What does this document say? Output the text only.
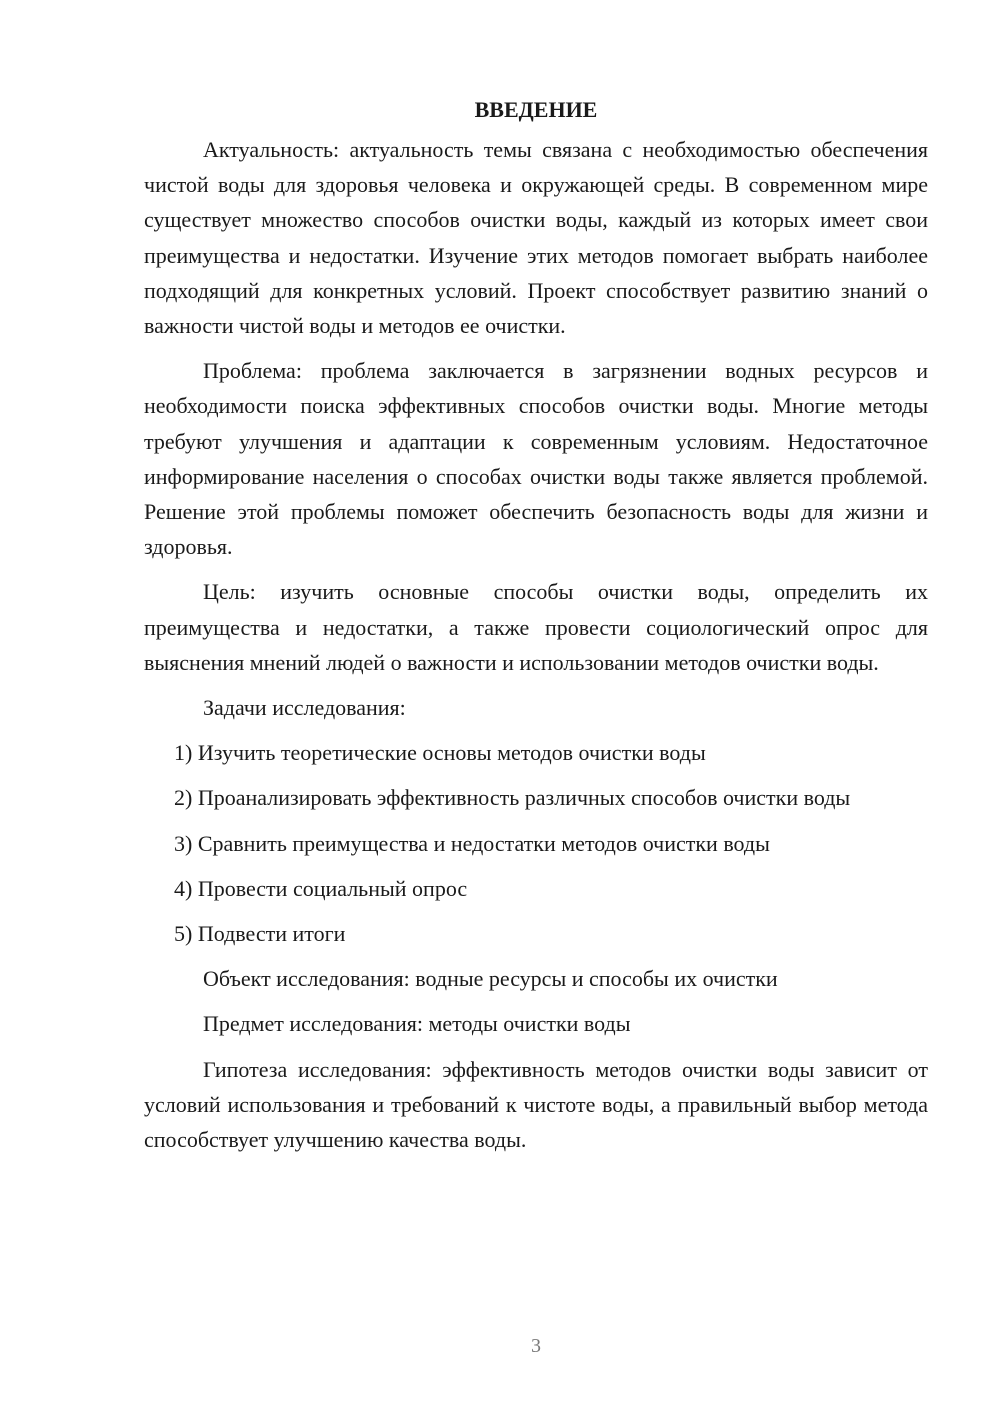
ВВЕДЕНИЕ

Актуальность: актуальность темы связана с необходимостью обеспечения чистой воды для здоровья человека и окружающей среды. В современном мире существует множество способов очистки воды, каждый из которых имеет свои преимущества и недостатки. Изучение этих методов помогает выбрать наиболее подходящий для конкретных условий. Проект способствует развитию знаний о важности чистой воды и методов ее очистки.

Проблема: проблема заключается в загрязнении водных ресурсов и необходимости поиска эффективных способов очистки воды. Многие методы требуют улучшения и адаптации к современным условиям. Недостаточное информирование населения о способах очистки воды также является проблемой. Решение этой проблемы поможет обеспечить безопасность воды для жизни и здоровья.

Цель: изучить основные способы очистки воды, определить их преимущества и недостатки, а также провести социологический опрос для выяснения мнений людей о важности и использовании методов очистки воды.

Задачи исследования:

1) Изучить теоретические основы методов очистки воды

2) Проанализировать эффективность различных способов очистки воды

3) Сравнить преимущества и недостатки методов очистки воды

4) Провести социальный опрос

5) Подвести итоги

Объект исследования: водные ресурсы и способы их очистки

Предмет исследования: методы очистки воды

Гипотеза исследования: эффективность методов очистки воды зависит от условий использования и требований к чистоте воды, а правильный выбор метода способствует улучшению качества воды.

3
